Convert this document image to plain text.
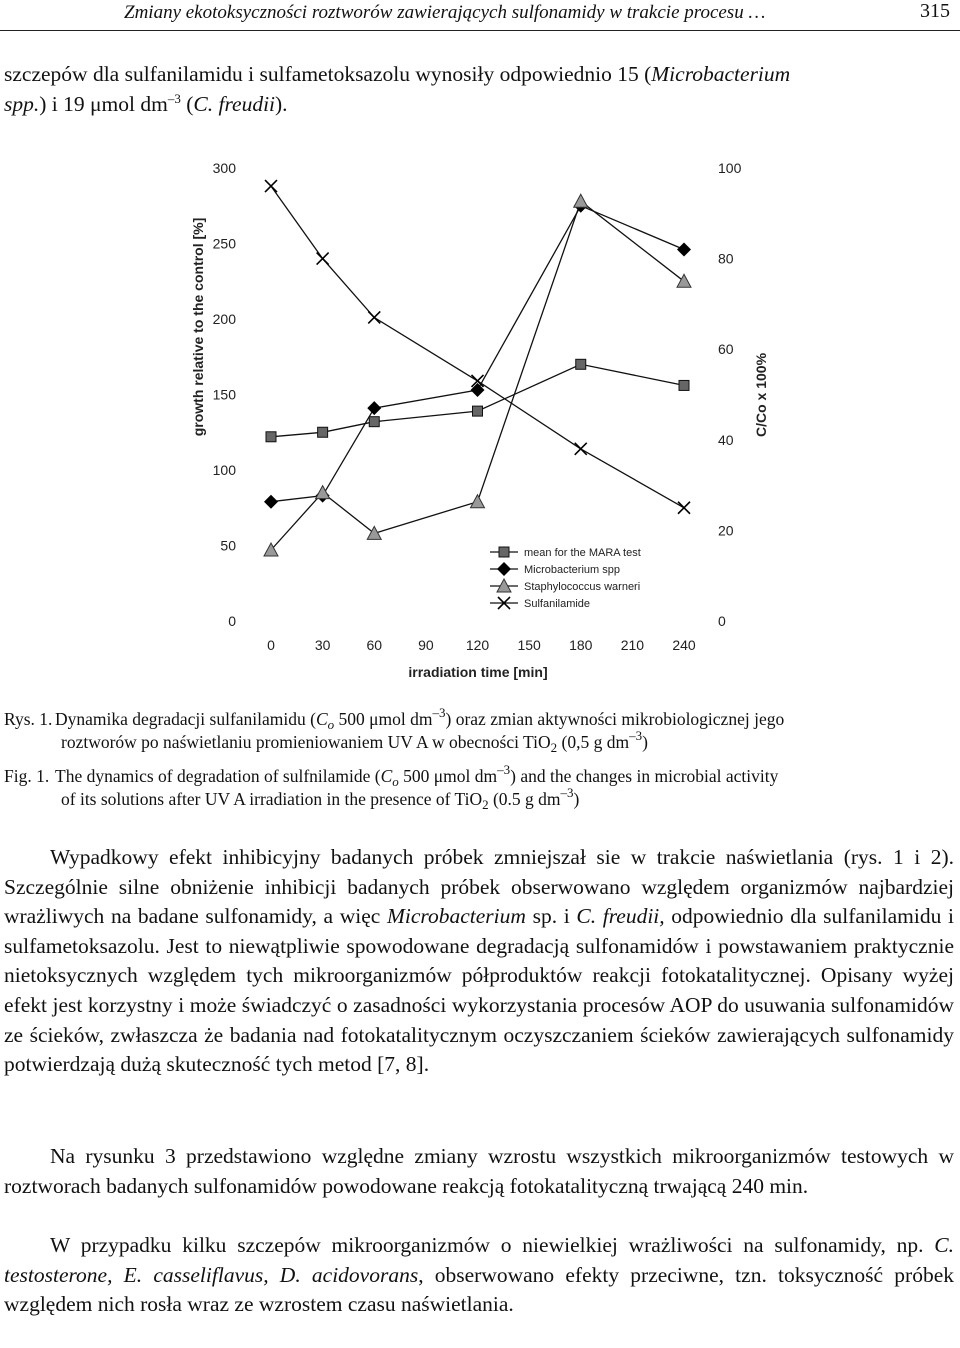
Zmiany ekotoksyczności roztworów zawierających sulfonamidy w trakcie procesu …	315
szczepów dla sulfanilamidu i sulfametoksazolu wynosiły odpowiednio 15 (Microbacterium
spp.) i 19 μmol $dm^{-3}$ (C. freudii).
0
50
100
150
200
250
300
0
20
40
60
80
100
0	30	60	90 120 150 180 210 240
growth relative to the control [%]	C/Co x 100%
irradiation time [min]
mean for the MARA test
Microbacterium spp
Staphylococcus warneri
Sulfanilamide
Rys. 1. Dynamika degradacji sulfanilamidu ($C_o$ 500 μmol $dm^{-3}$) oraz zmian aktywności mikrobiologicznej jego
roztworów po naświetlaniu promieniowaniem UV A w obecności TiO$_2$ (0,5 g $dm^{-3}$)
Fig. 1. The dynamics of degradation of sulfnilamide ($C_o$ 500 μmol $dm^{-3}$) and the changes in microbial activity
of its solutions after UV A irradiation in the presence of TiO$_2$ (0.5 g $dm^{-3}$)
Wypadkowy efekt inhibicyjny badanych próbek zmniejszał sie w trakcie naświetlania (rys. 1 i 2). Szczególnie silne obniżenie inhibicji badanych próbek obserwowano względem organizmów najbardziej wrażliwych na badane sulfonamidy, a więc Microbacterium sp. i C. freudii, odpowiednio dla sulfanilamidu i sulfametoksazolu. Jest to niewątpliwie spowodowane degradacją sulfonamidów i powstawaniem praktycznie nietoksycznych względem tych mikroorganizmów półproduktów reakcji fotokatalitycznej. Opisany wyżej efekt jest korzystny i może świadczyć o zasadności wykorzystania procesów AOP do usuwania sulfonamidów ze ścieków, zwłaszcza że badania nad fotokatalitycznym oczyszczaniem ścieków zawierających sulfonamidy potwierdzają dużą skuteczność tych metod [7, 8].
Na rysunku 3 przedstawiono względne zmiany wzrostu wszystkich mikroorganizmów testowych w roztworach badanych sulfonamidów powodowane reakcją fotokatalityczną trwającą 240 min.
W przypadku kilku szczepów mikroorganizmów o niewielkiej wrażliwości na sulfonamidy, np. C. testosterone, E. casseliflavus, D. acidovorans, obserwowano efekty przeciwne, tzn. toksyczność próbek względem nich rosła wraz ze wzrostem czasu naświetlania.
